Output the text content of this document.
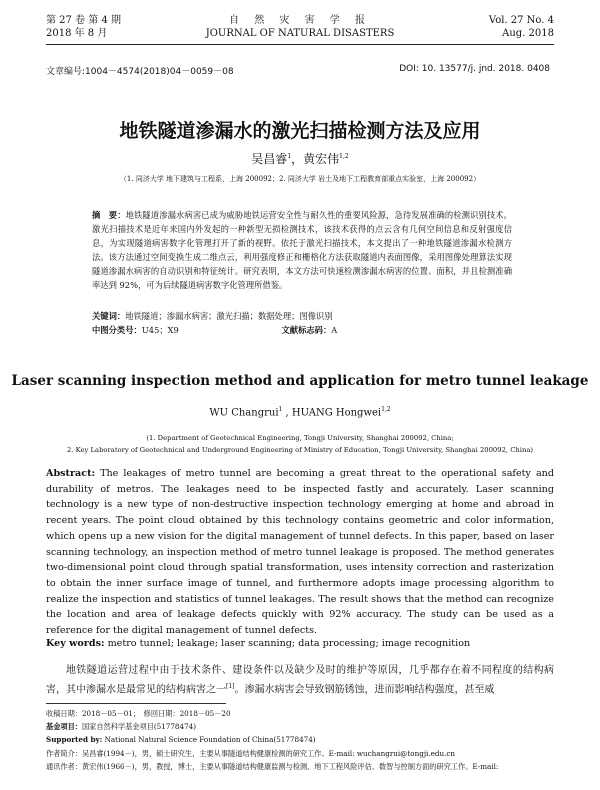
第 27 卷 第 4 期
2018 年 8 月
自 然 灾 害 学 报
JOURNAL OF NATURAL DISASTERS
Vol. 27 No. 4
Aug. 2018
文章编号:1004－4574(2018)04－0059－08	DOI: 10. 13577/j. jnd. 2018. 0408
地铁隧道渗漏水的激光扫描检测方法及应用
吴昌睿$^1$，黄宏伟$^{1,2}$
（1. 同济大学 地下建筑与工程系，上海 200092；2. 同济大学 岩土及地下工程教育部重点实验室，上海 200092）
摘　要：地铁隧道渗漏水病害已成为威胁地铁运营安全性与耐久性的重要风险源，急待发展准确的检测识别技术。激光扫描技术是近年来国内外发起的一种新型无损检测技术，该技术获得的点云含有几何空间信息和反射强度信息，为实现隧道病害数字化管理打开了新的视野。依托于激光扫描技术，本文提出了一种地铁隧道渗漏水检测方法。该方法通过空间变换生成二维点云，利用强度修正和栅格化方法获取隧道内表面图像，采用图像处理算法实现隧道渗漏水病害的自动识别和特征统计。研究表明，本文方法可快速检测渗漏水病害的位置、面积，并且检测准确率达到 92%，可为后续隧道病害数字化管理所借鉴。
关键词：地铁隧道；渗漏水病害；激光扫描；数据处理；图像识别
中图分类号：U45；X9	文献标志码：A
Laser scanning inspection method and application for metro tunnel leakage
WU Changrui$^1$ , HUANG Hongwei$^{1,2}$
(1. Department of Geotechnical Engineering, Tongji University, Shanghai 200092, China;
2. Key Laboratory of Geotechnical and Underground Engineering of Ministry of Education, Tongji University, Shanghai 200092, China)
Abstract: The leakages of metro tunnel are becoming a great threat to the operational safety and durability of metros. The leakages need to be inspected fastly and accurately. Laser scanning technology is a new type of non-destructive inspection technology emerging at home and abroad in recent years. The point cloud obtained by this technology contains geometric and color information, which opens up a new vision for the digital management of tunnel defects. In this paper, based on laser scanning technology, an inspection method of metro tunnel leakage is proposed. The method generates two-dimensional point cloud through spatial transformation, uses intensity correction and rasterization to obtain the inner surface image of tunnel, and furthermore adopts image processing algorithm to realize the inspection and statistics of tunnel leakages. The result shows that the method can recognize the location and area of leakage defects quickly with 92% accuracy. The study can be used as a reference for the digital management of tunnel defects.
Key words: metro tunnel; leakage; laser scanning; data processing; image recognition
地铁隧道运营过程中由于技术条件、建设条件以及缺少及时的维护等原因，几乎都存在着不同程度的结构病害，其中渗漏水是最常见的结构病害之一[1]。渗漏水病害会导致钢筋锈蚀，进而影响结构强度，甚至威
收稿日期：2018－05－01；　修回日期：2018－05－20
基金项目：国家自然科学基金项目(51778474)
Supported by: National Natural Science Foundation of China(51778474)
作者简介：吴昌睿(1994－)，男，硕士研究生，主要从事隧道结构健康检测的研究工作。E-mail: wuchangrui@tongji.edu.cn
通讯作者：黄宏伟(1966－)，男，教授，博士，主要从事隧道结构健康监测与检测、地下工程风险评估、数智与控制方面的研究工作。E-mail:
